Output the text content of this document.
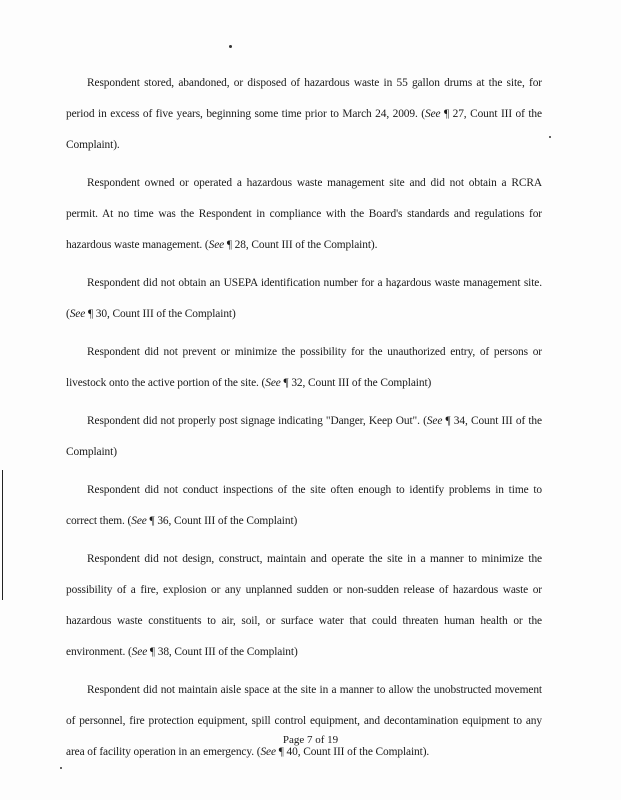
Respondent stored, abandoned, or disposed of hazardous waste in 55 gallon drums at the site, for period in excess of five years, beginning some time prior to March 24, 2009. (See ¶ 27, Count III of the Complaint).

Respondent owned or operated a hazardous waste management site and did not obtain a RCRA permit. At no time was the Respondent in compliance with the Board's standards and regulations for hazardous waste management. (See ¶ 28, Count III of the Complaint).

Respondent did not obtain an USEPA identification number for a hazardous waste management site. (See ¶ 30, Count III of the Complaint)

Respondent did not prevent or minimize the possibility for the unauthorized entry, of persons or livestock onto the active portion of the site. (See ¶ 32, Count III of the Complaint)

Respondent did not properly post signage indicating "Danger, Keep Out". (See ¶ 34, Count III of the Complaint)

Respondent did not conduct inspections of the site often enough to identify problems in time to correct them. (See ¶ 36, Count III of the Complaint)

Respondent did not design, construct, maintain and operate the site in a manner to minimize the possibility of a fire, explosion or any unplanned sudden or non-sudden release of hazardous waste or hazardous waste constituents to air, soil, or surface water that could threaten human health or the environment. (See ¶ 38, Count III of the Complaint)

Respondent did not maintain aisle space at the site in a manner to allow the unobstructed movement of personnel, fire protection equipment, spill control equipment, and decontamination equipment to any area of facility operation in an emergency. (See ¶ 40, Count III of the Complaint).

Page 7 of 19
